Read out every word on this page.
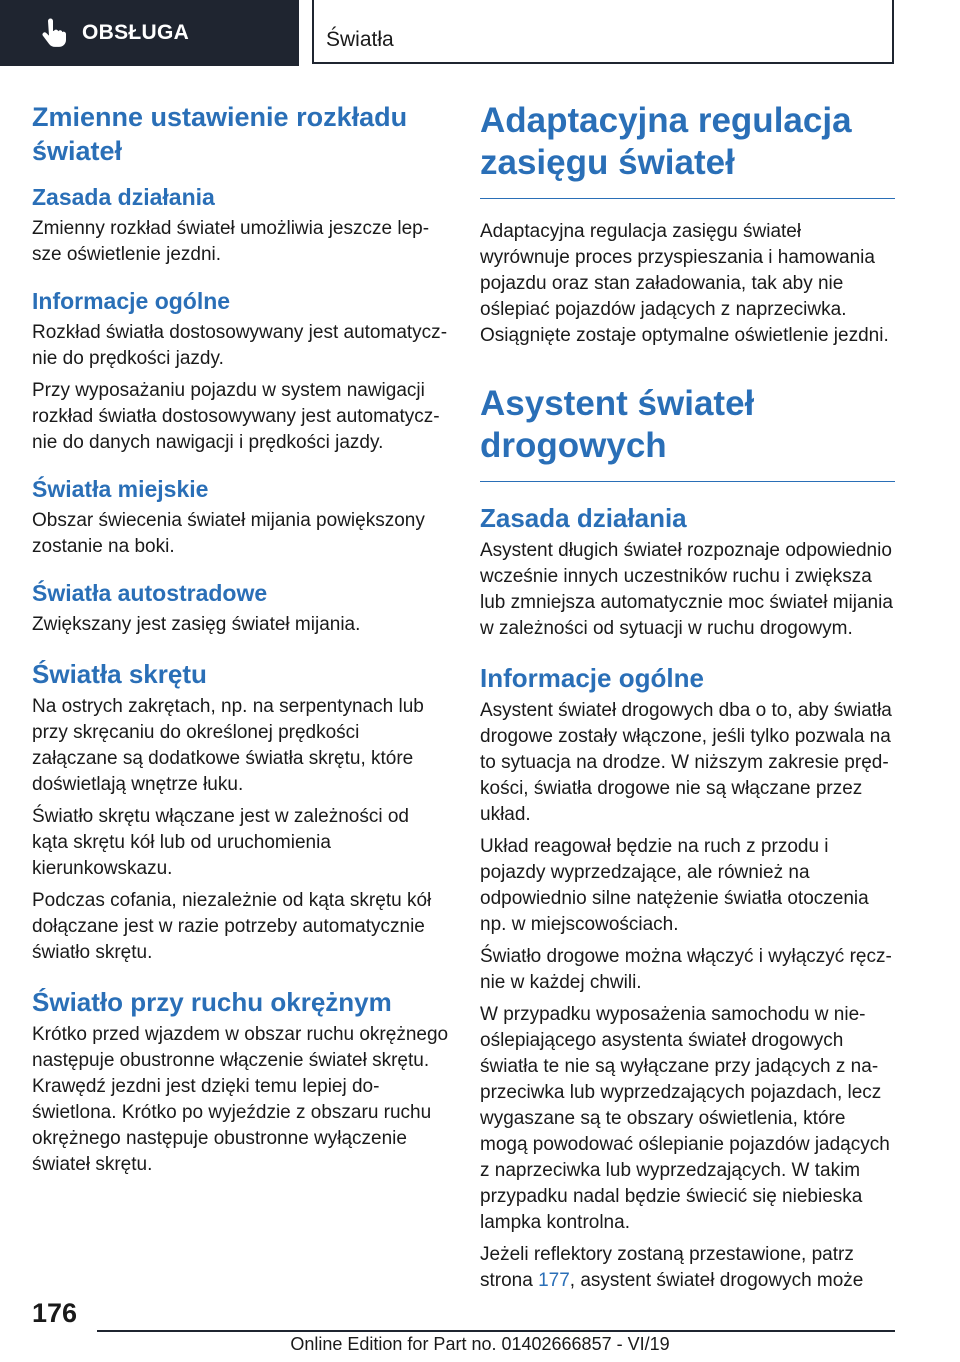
OBSŁUGA	Światła
Zmienne ustawienie rozkładu świateł
Zasada działania

Zmienny rozkład świateł umożliwia jeszcze lepsze oświetlenie jezdni.

Informacje ogólne

Rozkład światła dostosowywany jest automatycznie do prędkości jazdy.

Przy wyposażaniu pojazdu w system nawigacji rozkład światła dostosowywany jest automatycznie do danych nawigacji i prędkości jazdy.

Światła miejskie

Obszar świecenia świateł mijania powiększony zostanie na boki.

Światła autostradowe

Zwiększany jest zasięg świateł mijania.

Światła skrętu

Na ostrych zakrętach, np. na serpentynach lub przy skręcaniu do określonej prędkości załączane są dodatkowe światła skrętu, które doświetlają wnętrze łuku.

Światło skrętu włączane jest w zależności od kąta skrętu kół lub od uruchomienia kierunkowskazu.

Podczas cofania, niezależnie od kąta skrętu kół dołączane jest w razie potrzeby automatycznie światło skrętu.

Światło przy ruchu okrężnym

Krótko przed wjazdem w obszar ruchu okrężnego następuje obustronne włączenie świateł skrętu. Krawędź jezdni jest dzięki temu lepiej doświetlona. Krótko po wyjeździe z obszaru ruchu okrężnego następuje obustronne wyłączenie świateł skrętu.

Adaptacyjna regulacja zasięgu świateł

Adaptacyjna regulacja zasięgu świateł wyrównuje proces przyspieszania i hamowania pojazdu oraz stan załadowania, tak aby nie oślepiać pojazdów jadących z naprzeciwka. Osiągnięte zostaje optymalne oświetlenie jezdni.

Asystent świateł drogowych
Zasada działania

Asystent długich świateł rozpoznaje odpowiednio wcześnie innych uczestników ruchu i zwiększa lub zmniejsza automatycznie moc świateł mijania w zależności od sytuacji w ruchu drogowym.

Informacje ogólne

Asystent świateł drogowych dba o to, aby światła drogowe zostały włączone, jeśli tylko pozwala na to sytuacja na drodze. W niższym zakresie prędkości, światła drogowe nie są włączane przez układ.

Układ reagował będzie na ruch z przodu i pojazdy wyprzedzające, ale również na odpowiednio silne natężenie światła otoczenia np. w miejscowościach.

Światło drogowe można włączyć i wyłączyć ręcznie w każdej chwili.

W przypadku wyposażenia samochodu w nieoślepiającego asystenta świateł drogowych światła te nie są wyłączane przy jadących z naprzeciwka lub wyprzedzających pojazdach, lecz wygaszane są te obszary oświetlenia, które mogą powodować oślepianie pojazdów jadących z naprzeciwka lub wyprzedzających. W takim przypadku nadal będzie świecić się niebieska lampka kontrolna.

Jeżeli reflektory zostaną przestawione, patrz strona 177, asystent świateł drogowych może

176
Online Edition for Part no. 01402666857 - VI/19
